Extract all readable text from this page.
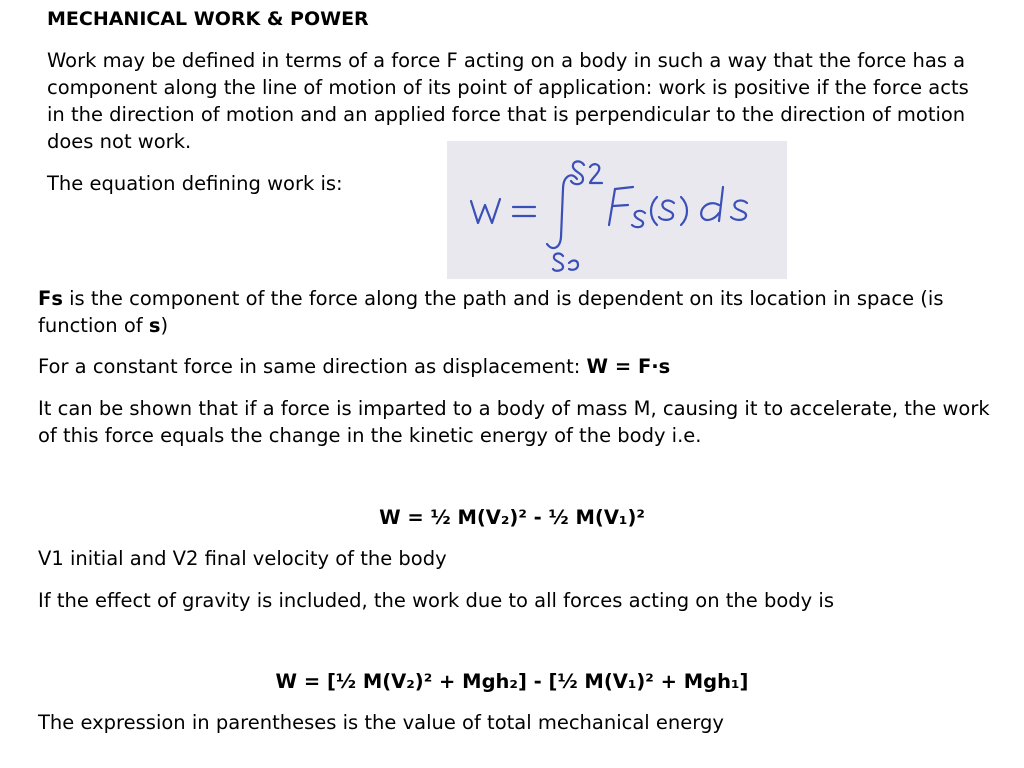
MECHANICAL WORK & POWER

Work may be defined in terms of a force F acting on a body in such a way that the force has a component along the line of motion of its point of application: work is positive if the force acts in the direction of motion and an applied force that is perpendicular to the direction of motion does not work.

The equation defining work is:

Fs is the component of the force along the path and is dependent on its location in space (is function of s)

For a constant force in same direction as displacement: W = F·s

It can be shown that if a force is imparted to a body of mass M, causing it to accelerate, the work of this force equals the change in the kinetic energy of the body i.e.

W = ½ M(V₂)² - ½ M(V₁)²

V1 initial and V2 final velocity of the body

If the effect of gravity is included, the work due to all forces acting on the body is

W = [½ M(V₂)² + Mgh₂] - [½ M(V₁)² + Mgh₁]

The expression in parentheses is the value of total mechanical energy
